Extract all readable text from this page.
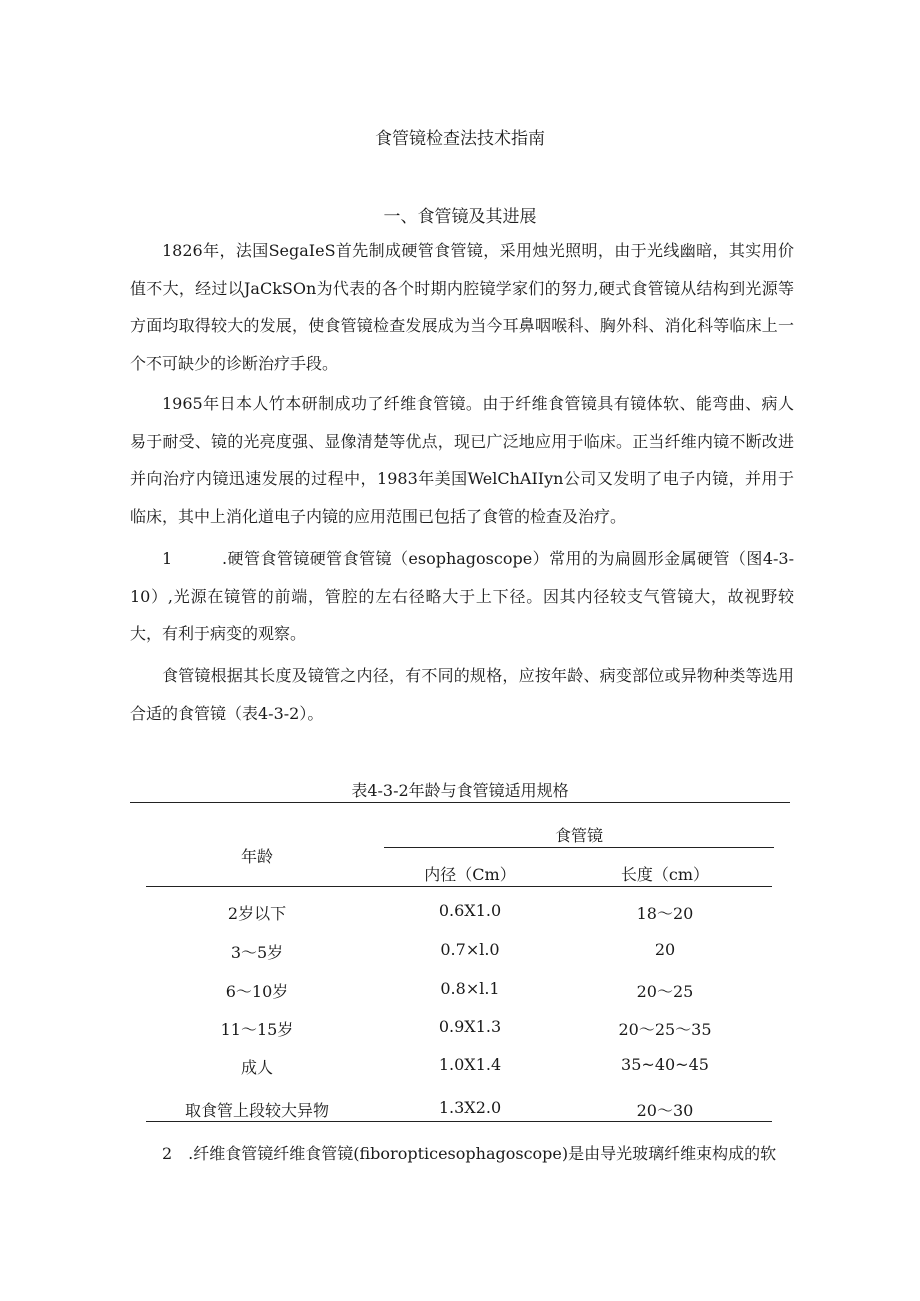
食管镜检查法技术指南
一、食管镜及其进展

1826年，法国SegaIeS首先制成硬管食管镜，采用烛光照明，由于光线幽暗，其实用价值不大，经过以JaCkSOn为代表的各个时期内腔镜学家们的努力,硬式食管镜从结构到光源等方面均取得较大的发展，使食管镜检查发展成为当今耳鼻咽喉科、胸外科、消化科等临床上一个不可缺少的诊断治疗手段。

1965年日本人竹本研制成功了纤维食管镜。由于纤维食管镜具有镜体软、能弯曲、病人易于耐受、镜的光亮度强、显像清楚等优点，现已广泛地应用于临床。正当纤维内镜不断改进并向治疗内镜迅速发展的过程中，1983年美国WelChAIIyn公司又发明了电子内镜，并用于临床，其中上消化道电子内镜的应用范围已包括了食管的检查及治疗。

1	.硬管食管镜硬管食管镜（esophagoscope）常用的为扁圆形金属硬管（图4-3-10）,光源在镜管的前端，管腔的左右径略大于上下径。因其内径较支气管镜大，故视野较大，有利于病变的观察。

食管镜根据其长度及镜管之内径，有不同的规格，应按年龄、病变部位或异物种类等选用合适的食管镜（表4-3-2）。

表4-3-2年龄与食管镜适用规格
年龄
食管镜
内径（Cm）	长度（cm）
2岁以下	0.6X1.0	18～20
3～5岁	0.7×l.0	20
6～10岁	0.8×l.1	20～25
11～15岁	0.9X1.3	20～25～35
成人	1.0X1.4	35~40~45
取食管上段较大异物	1.3X2.0	20～30

2　.纤维食管镜纤维食管镜(fiboropticesophagoscope)是由导光玻璃纤维束构成的软
